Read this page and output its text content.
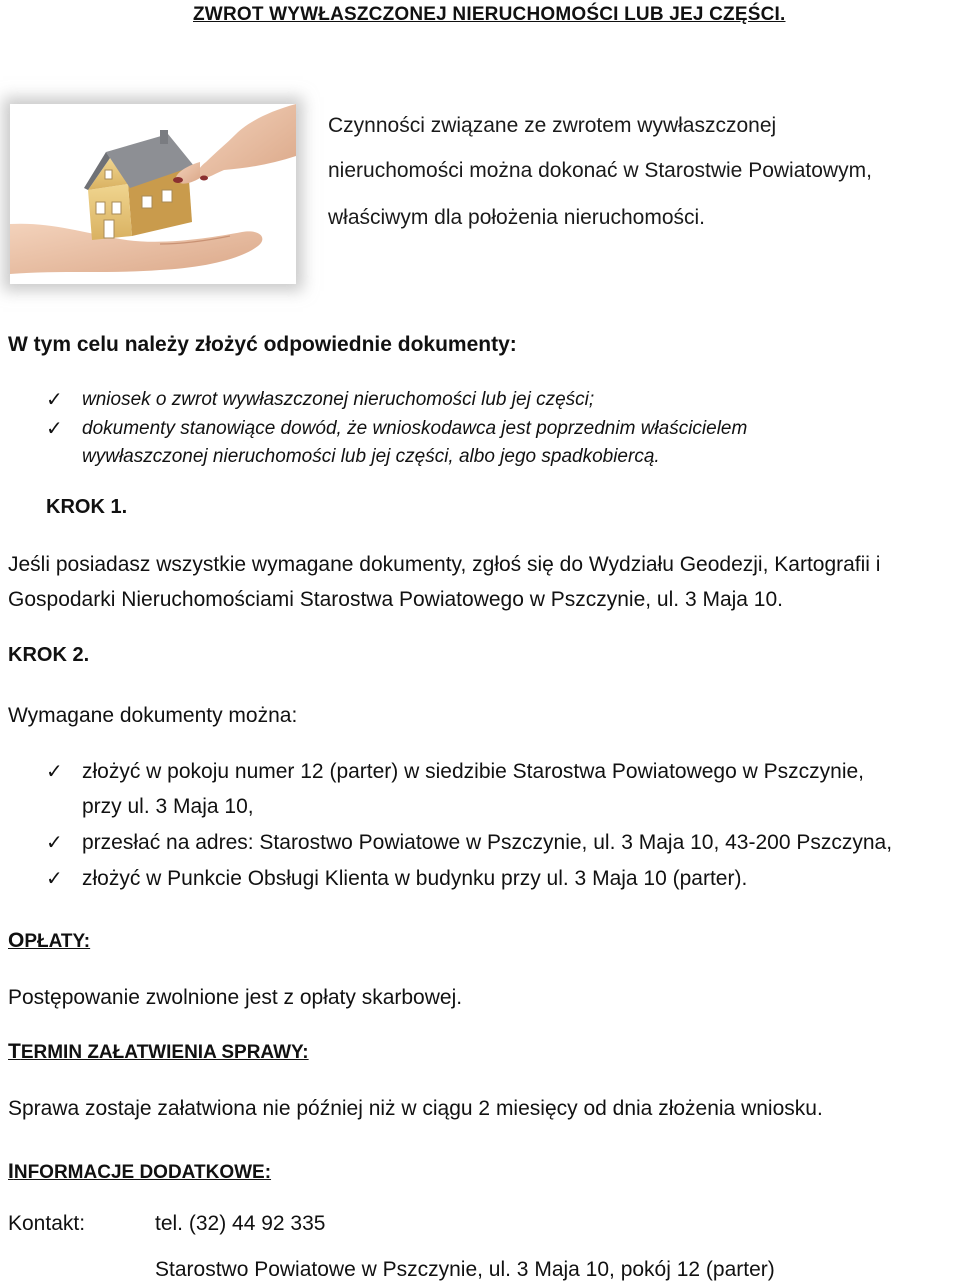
ZWROT WYWŁASZCZONEJ NIERUCHOMOŚCI LUB JEJ CZĘŚCI.
Czynności związane ze zwrotem wywłaszczonej
nieruchomości można dokonać w Starostwie Powiatowym,
właściwym dla położenia nieruchomości.
W tym celu należy złożyć odpowiednie dokumenty:
✓ wniosek o zwrot wywłaszczonej nieruchomości lub jej części;
✓ dokumenty stanowiące dowód, że wnioskodawca jest poprzednim właścicielem
wywłaszczonej nieruchomości lub jej części, albo jego spadkobiercą.
KROK 1.
Jeśli posiadasz wszystkie wymagane dokumenty, zgłoś się do Wydziału Geodezji, Kartografii i
Gospodarki Nieruchomościami Starostwa Powiatowego w Pszczynie, ul. 3 Maja 10.
KROK 2.
Wymagane dokumenty można:
✓ złożyć w pokoju numer 12 (parter) w siedzibie Starostwa Powiatowego w Pszczynie,
przy ul. 3 Maja 10,
✓ przesłać na adres: Starostwo Powiatowe w Pszczynie, ul. 3 Maja 10, 43-200 Pszczyna,
✓ złożyć w Punkcie Obsługi Klienta w budynku przy ul. 3 Maja 10 (parter).
OPŁATY:
Postępowanie zwolnione jest z opłaty skarbowej.
TERMIN ZAŁATWIENIA SPRAWY:
Sprawa zostaje załatwiona nie później niż w ciągu 2 miesięcy od dnia złożenia wniosku.
INFORMACJE DODATKOWE:
Kontakt:	tel. (32) 44 92 335
Starostwo Powiatowe w Pszczynie, ul. 3 Maja 10, pokój 12 (parter)
